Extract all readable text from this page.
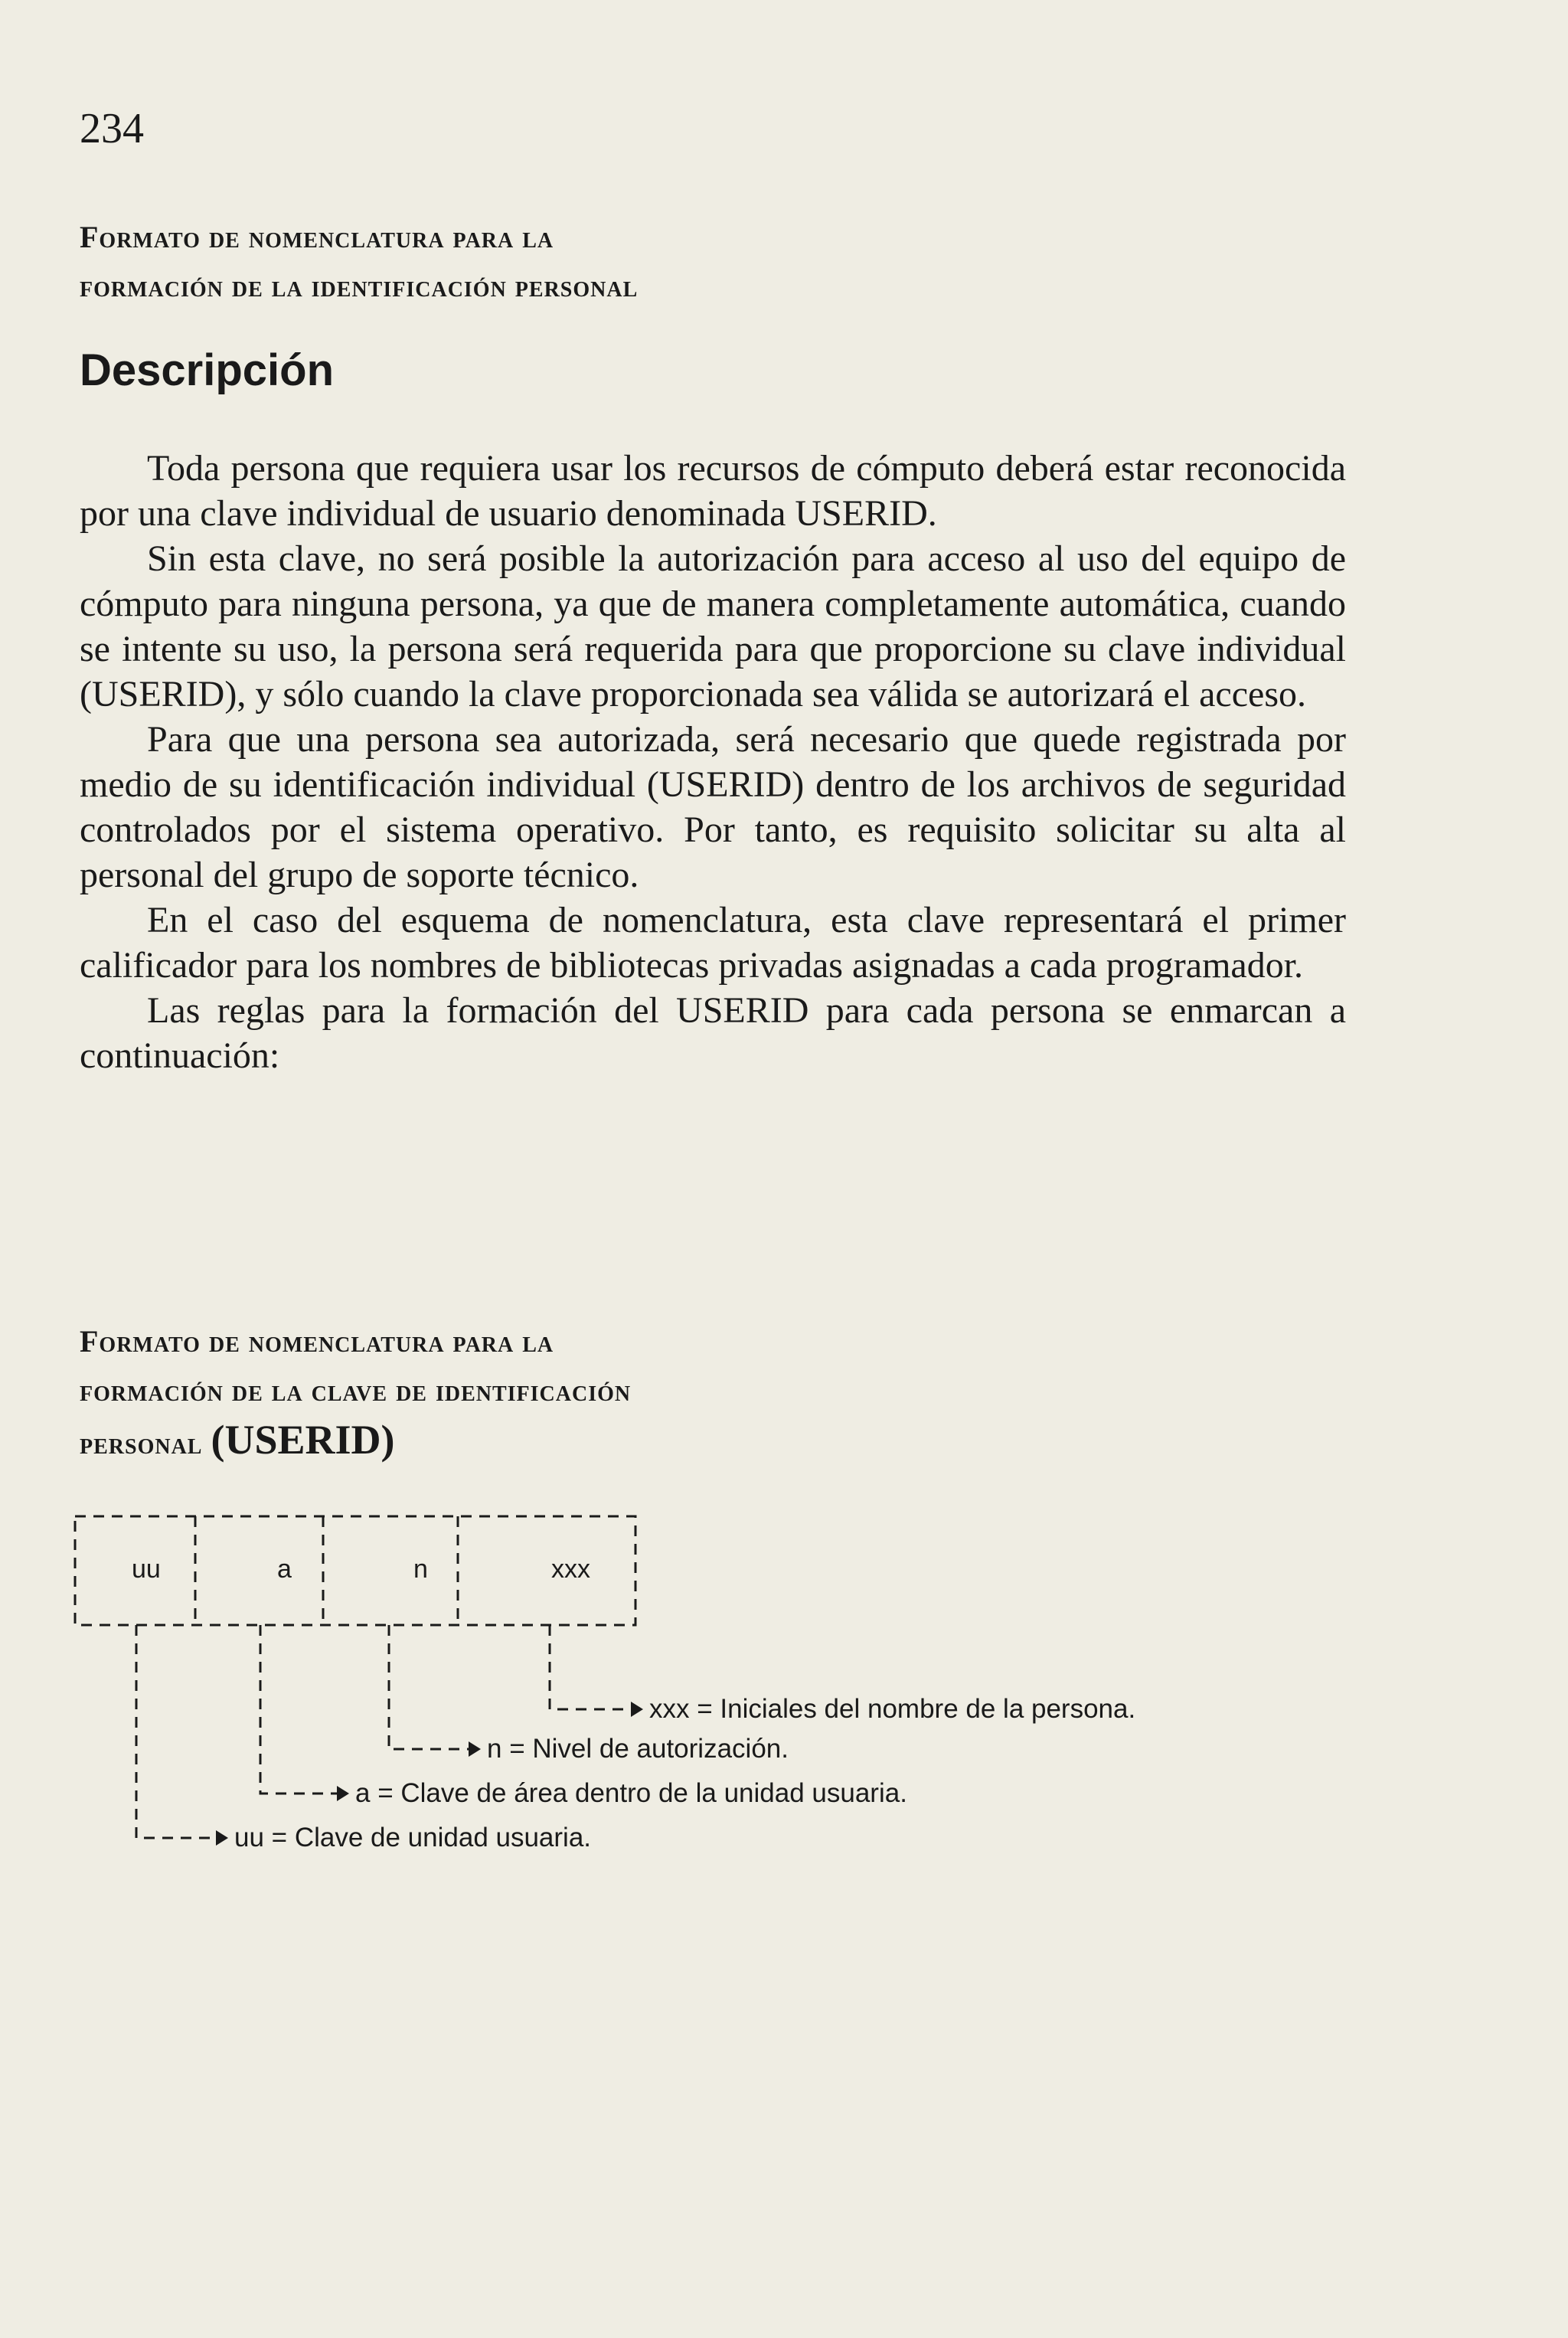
234
Formato de nomenclatura para la
formación de la identificación personal
Descripción

Toda persona que requiera usar los recursos de cómputo deberá estar reconocida por una clave individual de usuario denominada USERID.

Sin esta clave, no será posible la autorización para acceso al uso del equipo de cómputo para ninguna persona, ya que de manera completamente automática, cuando se intente su uso, la persona será requerida para que proporcione su clave individual (USERID), y sólo cuando la clave proporcionada sea válida se autorizará el acceso.

Para que una persona sea autorizada, será necesario que quede registrada por medio de su identificación individual (USERID) dentro de los archivos de seguridad controlados por el sistema operativo. Por tanto, es requisito solicitar su alta al personal del grupo de soporte técnico.

En el caso del esquema de nomenclatura, esta clave representará el primer calificador para los nombres de bibliotecas privadas asignadas a cada programador.

Las reglas para la formación del USERID para cada persona se enmarcan a continuación:

Formato de nomenclatura para la
formación de la clave de identificación
personal (USERID)
uu	a	n	xxx
xxx = Iniciales del nombre de la persona.
n = Nivel de autorización.
a = Clave de área dentro de la unidad usuaria.
uu = Clave de unidad usuaria.
